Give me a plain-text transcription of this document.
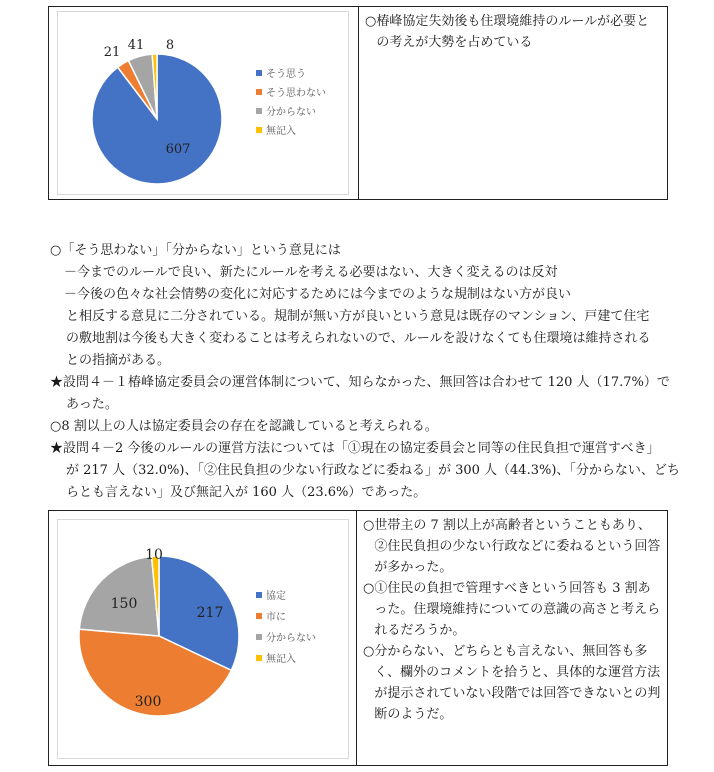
607
21 41 8
そう思う
そう思わない
分からない
無記入
○ 椿峰協定失効後も住環境維持のルールが必要との考えが大勢を占めている

○「そう思わない」「分からない」という意見には

－今までのルールで良い、新たにルールを考える必要はない、大きく変えるのは反対

－今後の色々な社会情勢の変化に対応するためには今までのような規制はない方が良い

と相反する意見に二分されている。規制が無い方が良いという意見は既存のマンション、戸建て住宅

の敷地割は今後も大きく変わることは考えられないので、ルールを設けなくても住環境は維持される

との指摘がある。

★設問４－１椿峰協定委員会の運営体制について、知らなかった、無回答は合わせて 120 人（17.7%）で

あった。

○8 割以上の人は協定委員会の存在を認識していると考えられる。

★設問４－2 今後のルールの運営方法については「①現在の協定委員会と同等の住民負担で運営すべき」

が 217 人（32.0%)、「②住民負担の少ない行政などに委ねる」が 300 人（44.3%)、「分からない、どち

らとも言えない」及び無記入が 160 人（23.6%）であった。

217
300
150
10
協定
市に
分からない
無記入
○ 世帯主の 7 割以上が高齢者ということもあり、②住民負担の少ない行政などに委ねるという回答が多かった。
○ ①住民の負担で管理すべきという回答も 3 割あった。住環境維持についての意識の高さと考えられるだろうか。
○ 分からない、どちらとも言えない、無回答も多く、欄外のコメントを拾うと、具体的な運営方法が提示されていない段階では回答できないとの判断のようだ。
